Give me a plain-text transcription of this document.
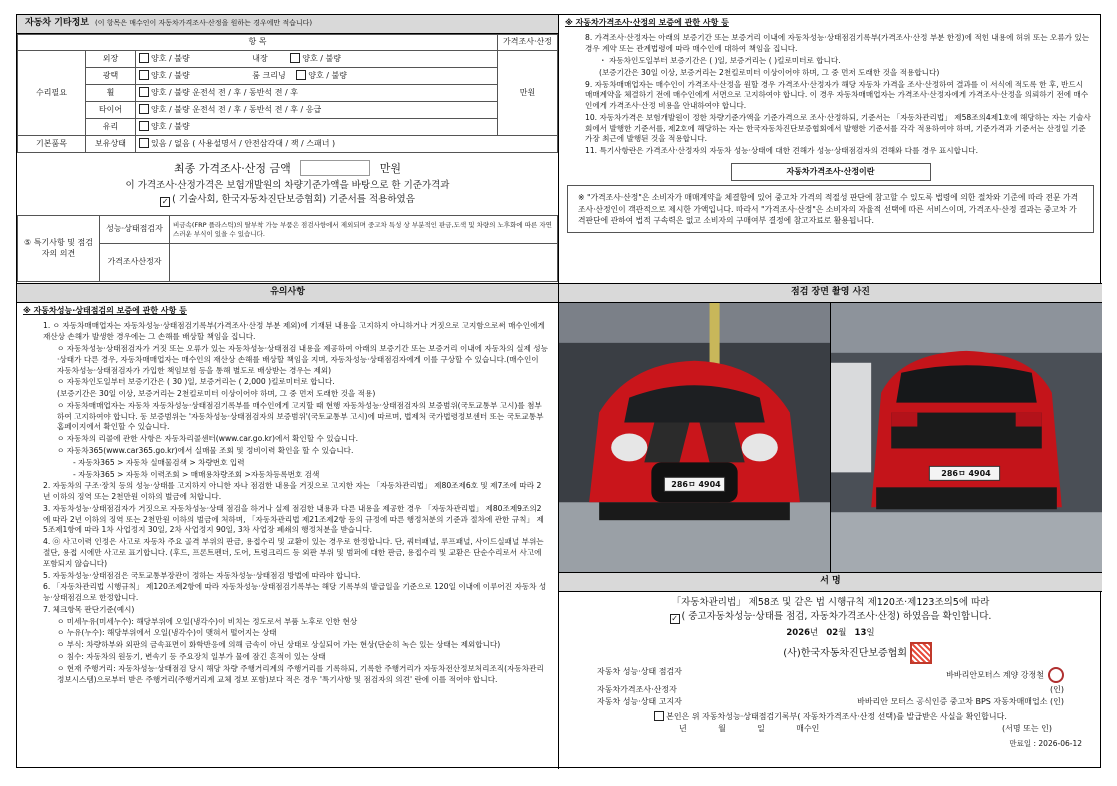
자동차 기타정보 (이 항목은 매수인이 자동차가격조사·산정을 원하는 경우에만 적습니다)
항 목			가격조사·산정
수리필요	외장	양호 / 불량 내장 양호 / 불량	만원
	광택	양호 / 불량 룸 크리닝 양호 / 불량	
	휠	양호 / 불량 운전석 전 / 후 / 동반석 전 / 후	
	타이어	양호 / 불량 운전석 전 / 후 / 동반석 전 / 후 / 응급	
	유리	양호 / 불량	
기본품목	보유상태	있음 / 없음 ( 사용설명서 / 안전삼각대 / 잭 / 스패너 )	
최종 가격조사·산정 금액	만원
이 가격조사·산정가격은 보험개발원의 차량기준가액을 바탕으로 한 기준가격과
✓ ( 기술사회, 한국자동차진단보증협회) 기준서를 적용하였음
⑤ 특기사항 및 점검자의 의견	성능·상태점검자	비금속(FRP 플라스틱)의 탈부착 가능 부품은 점검사항에서 제외되며 중고차 특성 상 부분적인 판금,도색 및 차량의 노후화에 따른 자연스러운 부식이 있을 수 있습니다.
	가격조사산정자	
※ 자동차가격조사·산정의 보증에 관한 사항 등

8. 가격조사·산정자는 아래의 보증기간 또는 보증거리 이내에 자동차성능·상태점검기록부(가격조사·산정 부분 한정)에 적힌 내용에 허위 또는 오류가 있는 경우 계약 또는 관계법령에 따라 매수인에 대하여 책임을 집니다.

・ 자동차인도일부터 보증기간은 ( )일, 보증거리는 ( )킬로미터로 합니다.

(보증기간은 30일 이상, 보증거리는 2천킬로미터 이상이어야 하며, 그 중 먼저 도래한 것을 적용합니다)

9. 자동차매매업자는 매수인이 가격조사·산정을 원할 경우 가격조사·산정자가 해당 자동차 가격을 조사·산정하여 결과를 이 서식에 적도록 한 후, 반드시 매매계약을 체결하기 전에 매수인에게 서면으로 고지하여야 합니다. 이 경우 자동차매매업자는 가격조사·산정자에게 가격조사·산정을 의뢰하기 전에 매수인에게 가격조사·산정 비용을 안내하여야 합니다.

10. 자동차가격은 보험개발원이 정한 차량기준가액을 기준가격으로 조사·산정하되, 기준서는 「자동차관리법」 제58조의4제1호에 해당하는 자는 기술사회에서 발행한 기준서를, 제2호에 해당하는 자는 한국자동차진단보증협회에서 발행한 기준서를 각각 적용하여야 하며, 기준가격과 기준서는 산정일 기준 가장 최근에 발행된 것을 적용합니다.

11. 특기사항란은 가격조사·산정자의 자동차 성능·상태에 대한 견해가 성능·상태점검자의 견해와 다를 경우 표시합니다.

자동차가격조사·산정이란
※ "가격조사·산정"은 소비자가 매매계약을 체결함에 있어 중고차 가격의 적절성 판단에 참고할 수 있도록 법령에 의한 절차와 기준에 따라 전문 가격조사·산정인이 객관적으로 제시한 가액입니다. 따라서 "가격조사·산정"은 소비자의 자율적 선택에 따른 서비스이며, 가격조사·산정 결과는 중고차 가격판단에 관하여 법적 구속력은 없고 소비자의 구매여부 결정에 참고자료로 활용됩니다.
유의사항
※ 자동차성능·상태점검의 보증에 관한 사항 등

1. ㅇ 자동차매매업자는 자동차성능·상태점검기록부(가격조사·산정 부분 제외)에 기재된 내용을 고지하지 아니하거나 거짓으로 고지함으로써 매수인에게 재산상 손해가 발생한 경우에는 그 손해를 배상할 책임을 집니다.

ㅇ 자동차성능·상태점검자가 거짓 또는 오류가 있는 자동차성능·상태점검 내용을 제공하여 아래의 보증기간 또는 보증거리 이내에 자동차의 실제 성능·상태가 다른 경우, 자동차매매업자는 매수인의 재산상 손해를 배상할 책임을 지며, 자동차성능·상태점검자에게 이를 구상할 수 있습니다.(매수인이 자동차성능·상태점검자가 가입한 책임보험 등을 통해 별도로 배상받는 경우는 제외)

ㅇ 자동차인도일부터 보증기간은 ( 30 )일, 보증거리는 ( 2,000 )킬로미터로 합니다.

(보증기간은 30일 이상, 보증거리는 2천킬로미터 이상이어야 하며, 그 중 먼저 도래한 것을 적용)

ㅇ 자동차매매업자는 자동차 자동차성능·상태점검기록부를 매수인에게 고지할 때 현행 자동차성능·상태점검자의 보증범위(국토교통부 고시)를 첨부하여 고지하여야 합니다. 동 보증범위는 '자동차성능·상태점검자의 보증범위'(국토교통부 고시)에 따르며, 법제처 국가법령정보센터 또는 국토교통부 홈페이지에서 확인할 수 있습니다.

ㅇ 자동차의 리콜에 관한 사항은 자동차리콜센터(www.car.go.kr)에서 확인할 수 있습니다.

ㅇ 자동차365(www.car365.go.kr)에서 실매물 조회 및 정비이력 확인을 할 수 있습니다.

- 자동차365 > 자동차 실매물검색 > 차량번호 입력

- 자동차365 > 자동차 이력조회 > 매매용차량조회 >자동차등록번호 검색

2. 자동차의 구조·장치 등의 성능·상태를 고지하지 아니한 자나 점검한 내용을 거짓으로 고지한 자는 「자동차관리법」 제80조제6호 및 제7조에 따라 2년 이하의 징역 또는 2천만원 이하의 벌금에 처합니다.

3. 자동차성능·상태점검자가 거짓으로 자동차성능·상태 점검을 하거나 실제 점검한 내용과 다른 내용을 제공한 경우 「자동차관리법」 제80조제9조의2에 따라 2년 이하의 징역 또는 2천만원 이하의 벌금에 처하며, 「자동차관리법 제21조제2항 등의 규정에 따른 행정처분의 기준과 절차에 관한 규칙」 제5조제1항에 따라 1차 사업정지 30일, 2차 사업정지 90일, 3차 사업장 폐쇄의 행정처분을 받습니다.

4. ㉧ 사고이력 인정은 사고로 자동차 주요 골격 부위의 판금, 용접수리 및 교환이 있는 경우로 한정합니다. 단, 쿼터패널, 루프패널, 사이드실패널 부위는 절단, 용접 시에만 사고로 표기합니다. (후드, 프론트펜더, 도어, 트렁크리드 등 외판 부위 및 범퍼에 대한 판금, 용접수리 및 교환은 단순수리로서 사고에 포함되지 않습니다)

5. 자동차성능·상태점검은 국토교통부장관이 정하는 자동차성능·상태점검 방법에 따라야 합니다.

6. 「자동차관리법 시행규칙」 제120조제2항에 따라 자동차성능·상태점검기록부는 해당 기록부의 발급일을 기준으로 120일 이내에 이루어진 자동차 성능·상태점검으로 한정합니다.

7. 체크항목 판단기준(예시)

ㅇ 미세누유(미세누수): 해당부위에 오일(냉각수)이 비치는 정도로서 부품 노후로 인한 현상

ㅇ 누유(누수): 해당부위에서 오일(냉각수)이 맺혀서 떨어지는 상태

ㅇ 부식: 차량하부와 외판의 금속표면이 화학반응에 의해 금속이 아닌 상태로 상실되어 가는 현상(단순히 녹슨 있는 상태는 제외합니다)

ㅇ 침수: 자동차의 원동기, 변속기 등 주요장치 일부가 물에 잠긴 흔적이 있는 상태

ㅇ 현재 주행거리: 자동차성능·상태점검 당시 해당 차량 주행거리계의 주행거리를 기록하되, 기록한 주행거리가 자동차전산정보처리조직(자동차관리정보시스템)으로부터 받은 주행거리(주행거리계 교체 정보 포함)보다 적은 경우 '특기사항 및 점검자의 의견' 란에 이를 적어야 합니다.

점검 장면 촬영 사진
286ㅁ 4904
286ㅁ 4904
서 명
「자동차관리법」 제58조 및 같은 법 시행규칙 제120조·제123조의5에 따라
✓ ( 중고자동차성능·상태를 점검, 자동차가격조사·산정) 하였음을 확인합니다.
2026년 02월 13일
(사)한국자동차진단보증협회
자동차 성능·상태 점검자	바바리안모터스 계양 강정철
자동차가격조사·산정자	(인)
자동차 성능·상태 고지자	바바리안 모터스 공식인증 중고차 BPS 자동차매매업소 (인)
본인은 위 자동차성능·상태점검기록부( 자동차가격조사·산정 선택)를 발급받은 사실을 확인합니다.
년	월	일	매수인	(서명 또는 인)
만료일 : 2026-06-12
